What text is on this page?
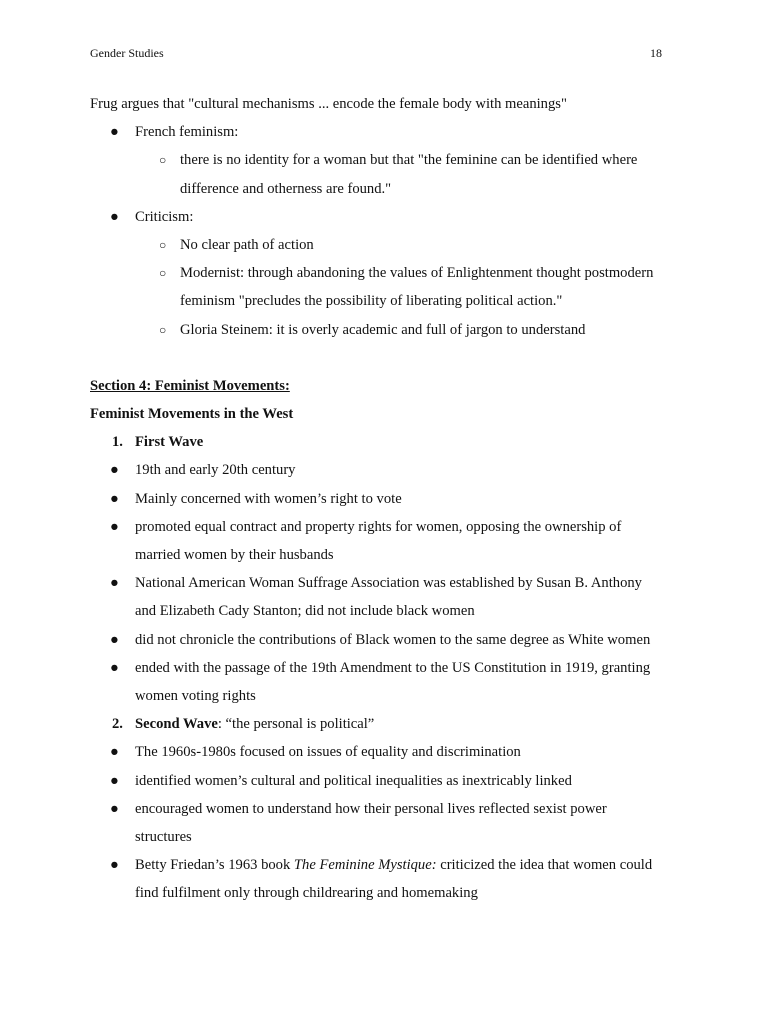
Gender Studies	18

Frug argues that "cultural mechanisms ... encode the female body with meanings"

● French feminism:
○ there is no identity for a woman but that "the feminine can be identified where
difference and otherness are found."
● Criticism:
○ No clear path of action
○ Modernist: through abandoning the values of Enlightenment thought postmodern
feminism "precludes the possibility of liberating political action."
○ Gloria Steinem: it is overly academic and full of jargon to understand

Section 4: Feminist Movements:

Feminist Movements in the West

1. First Wave
● 19th and early 20th century
● Mainly concerned with women’s right to vote
● promoted equal contract and property rights for women, opposing the ownership of
married women by their husbands
● National American Woman Suffrage Association was established by Susan B. Anthony
and Elizabeth Cady Stanton; did not include black women
● did not chronicle the contributions of Black women to the same degree as White women
● ended with the passage of the 19th Amendment to the US Constitution in 1919, granting
women voting rights
2. Second Wave: “the personal is political”
● The 1960s-1980s focused on issues of equality and discrimination
● identified women’s cultural and political inequalities as inextricably linked
● encouraged women to understand how their personal lives reflected sexist power
structures
● Betty Friedan’s 1963 book The Feminine Mystique: criticized the idea that women could
find fulfilment only through childrearing and homemaking
